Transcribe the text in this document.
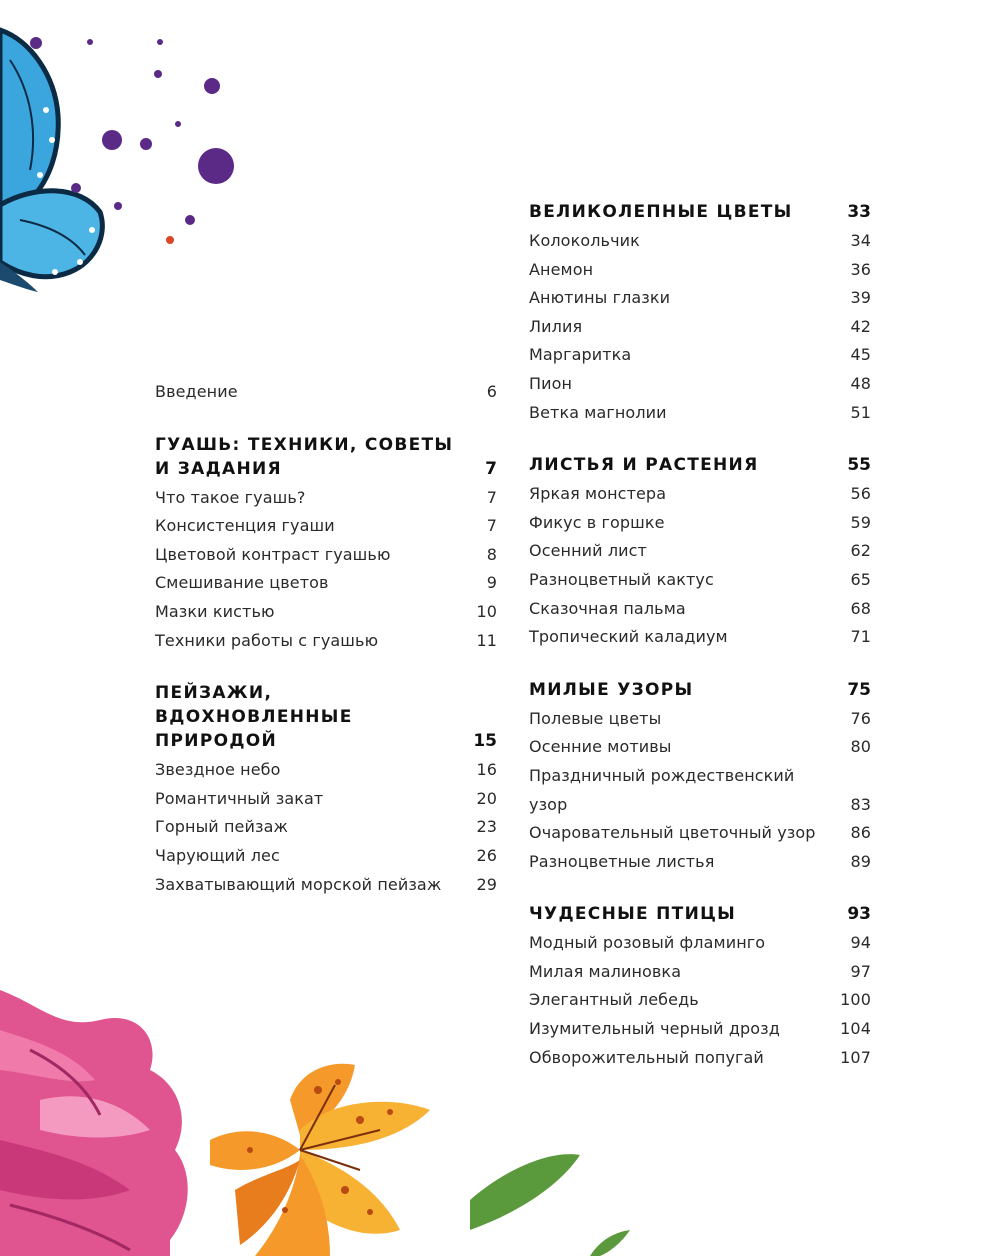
Введение	6
ГУАШЬ: ТЕХНИКИ, СОВЕТЫ И ЗАДАНИЯ	7
Что такое гуашь?	7
Консистенция гуаши	7
Цветовой контраст гуашью	8
Смешивание цветов	9
Мазки кистью	10
Техники работы с гуашью	11
ПЕЙЗАЖИ, ВДОХНОВЛЕННЫЕ ПРИРОДОЙ	15
Звездное небо	16
Романтичный закат	20
Горный пейзаж	23
Чарующий лес	26
Захватывающий морской пейзаж	29
ВЕЛИКОЛЕПНЫЕ ЦВЕТЫ	33
Колокольчик	34
Анемон	36
Анютины глазки	39
Лилия	42
Маргаритка	45
Пион	48
Ветка магнолии	51
ЛИСТЬЯ И РАСТЕНИЯ	55
Яркая монстера	56
Фикус в горшке	59
Осенний лист	62
Разноцветный кактус	65
Сказочная пальма	68
Тропический каладиум	71
МИЛЫЕ УЗОРЫ	75
Полевые цветы	76
Осенние мотивы	80
Праздничный рождественский узор	83
Очаровательный цветочный узор	86
Разноцветные листья	89
ЧУДЕСНЫЕ ПТИЦЫ	93
Модный розовый фламинго	94
Милая малиновка	97
Элегантный лебедь	100
Изумительный черный дрозд	104
Обворожительный попугай	107
